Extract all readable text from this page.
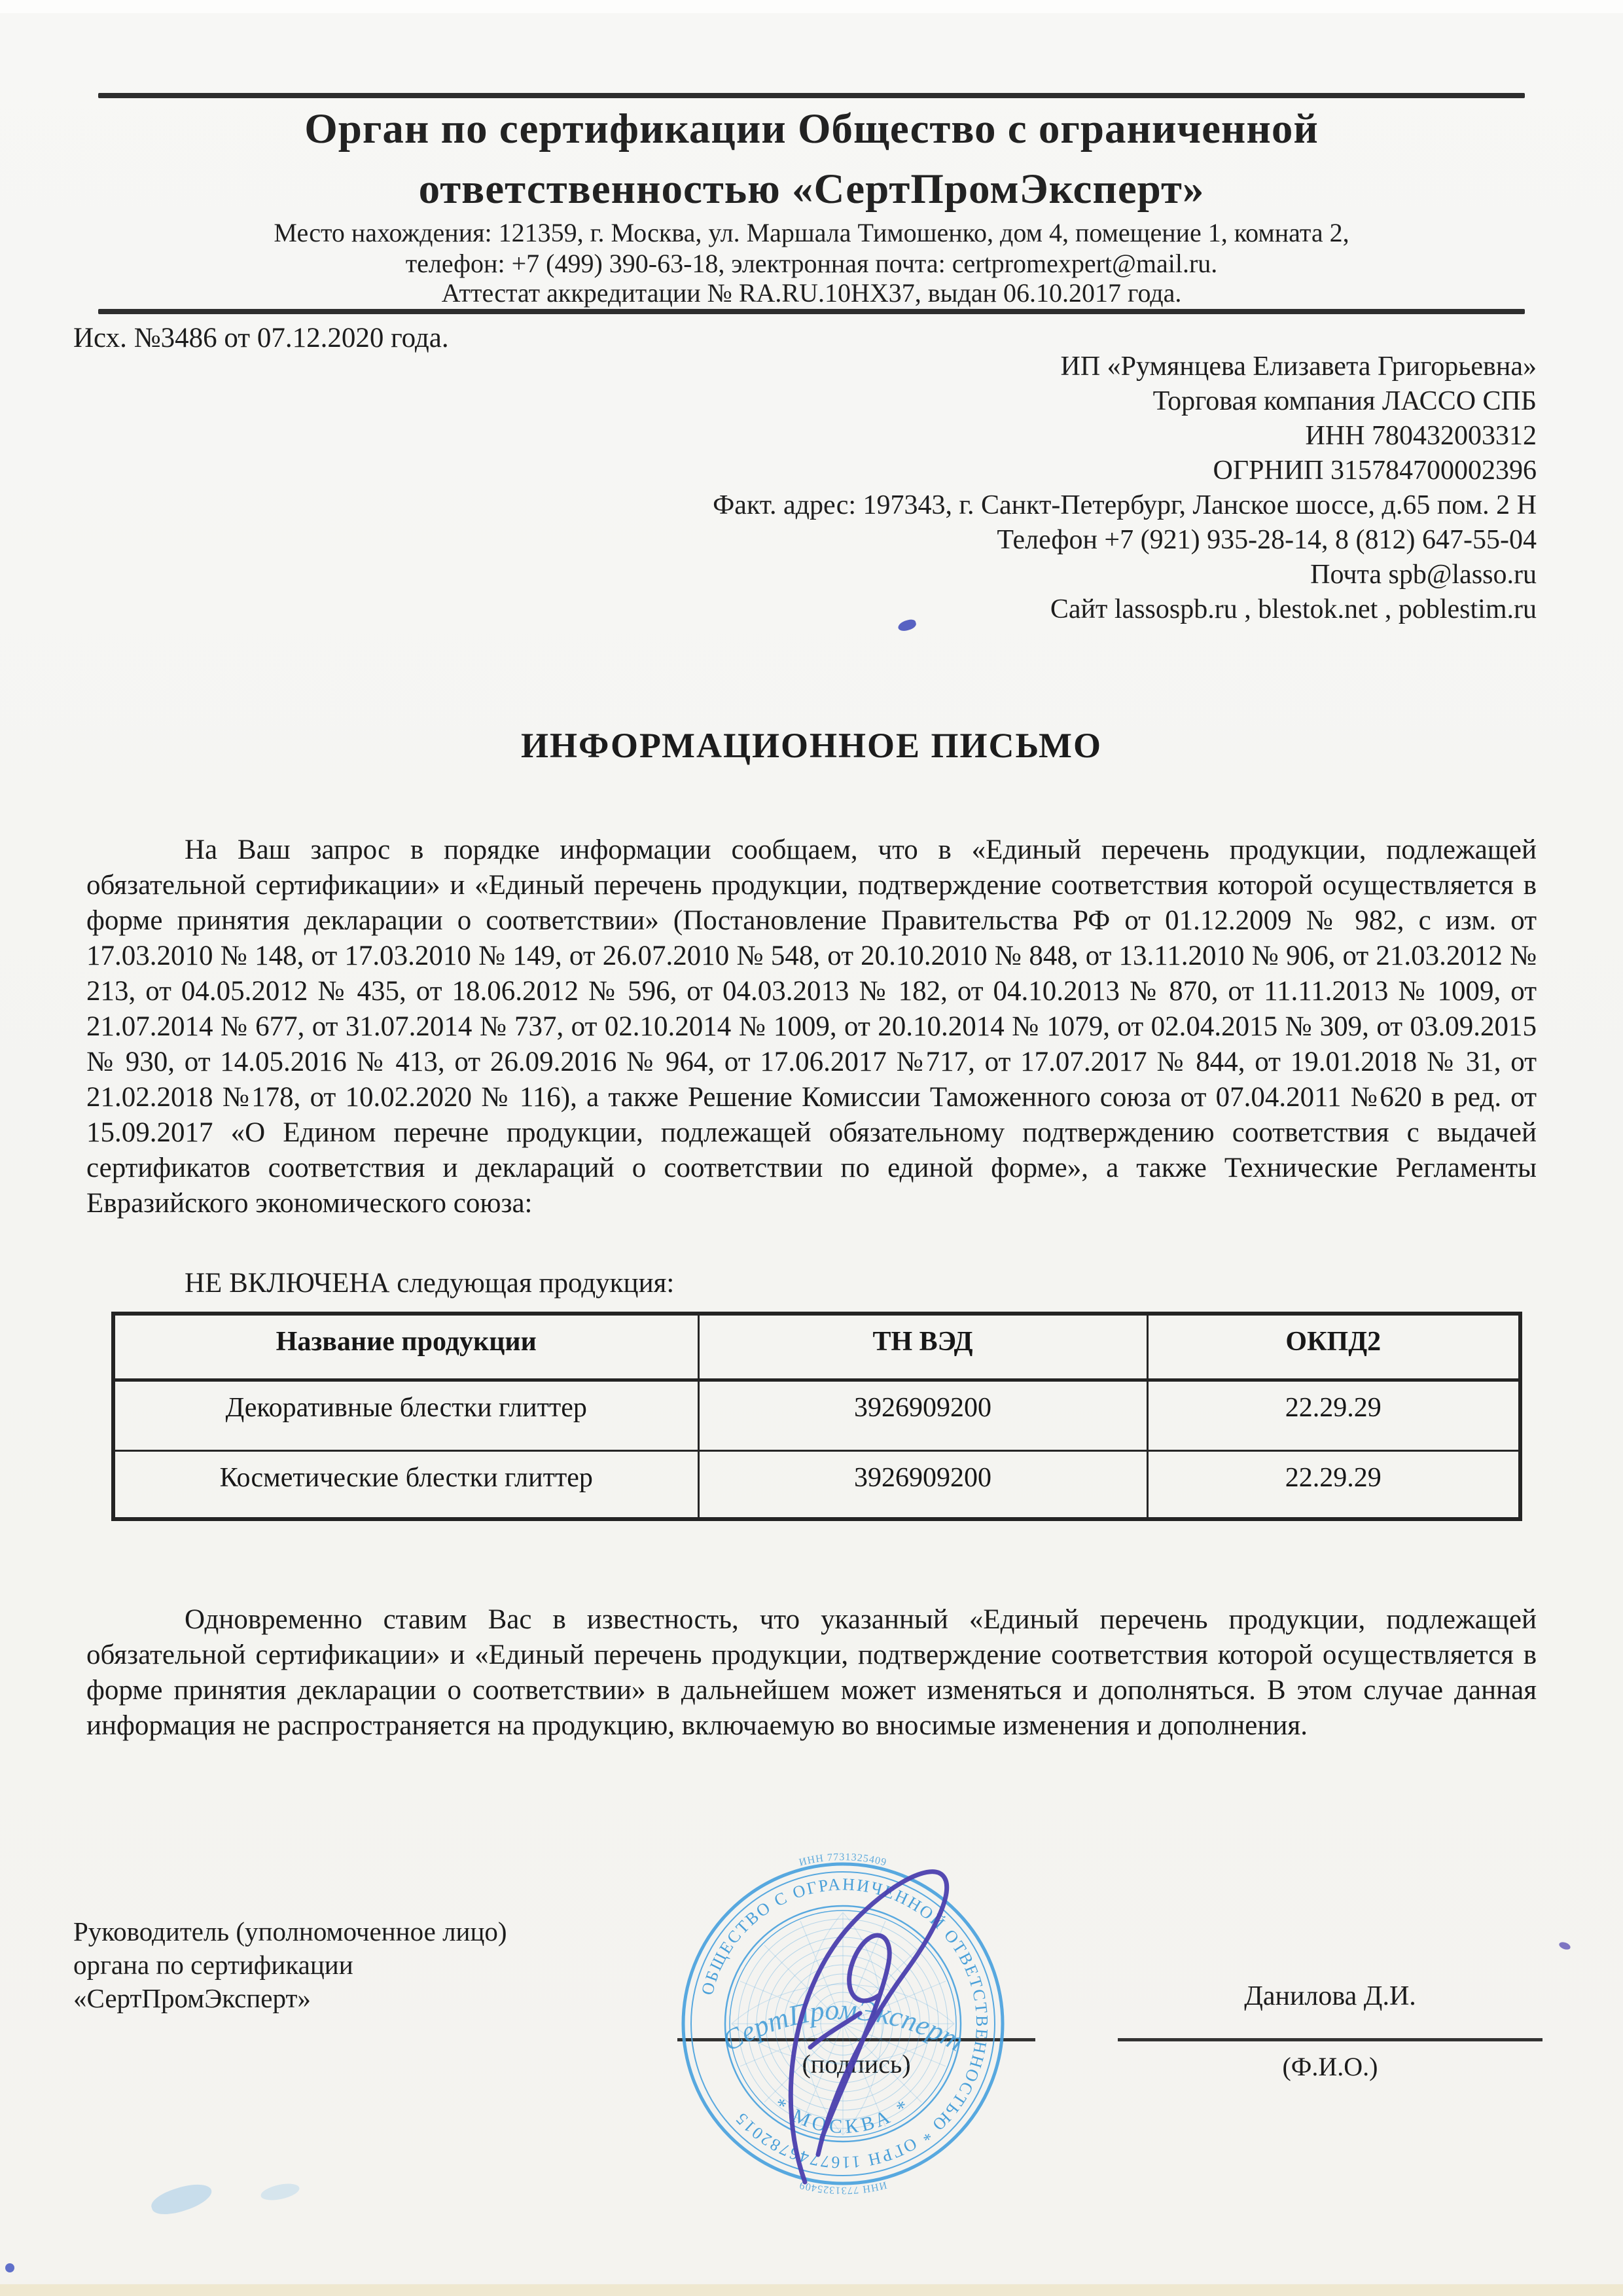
Орган по сертификации Общество с ограниченной
ответственностью «СертПромЭксперт»
Место нахождения: 121359, г. Москва, ул. Маршала Тимошенко, дом 4, помещение 1, комната 2,
телефон: +7 (499) 390-63-18, электронная почта: certpromexpert@mail.ru.
Аттестат аккредитации № RA.RU.10НХ37, выдан 06.10.2017 года.
Исх. №3486 от 07.12.2020 года.
ИП «Румянцева Елизавета Григорьевна»
Торговая компания ЛАССО СПБ
ИНН 780432003312
ОГРНИП 315784700002396
Факт. адрес: 197343, г. Санкт-Петербург, Ланское шоссе, д.65 пом. 2 Н
Телефон +7 (921) 935-28-14, 8 (812) 647-55-04
Почта spb@lasso.ru
Сайт lassospb.ru , blestok.net , poblestim.ru
ИНФОРМАЦИОННОЕ ПИСЬМО
На Ваш запрос в порядке информации сообщаем, что в «Единый перечень продукции, подлежащей обязательной сертификации» и «Единый перечень продукции, подтверждение соответствия которой осуществляется в форме принятия декларации о соответствии» (Постановление Правительства РФ от 01.12.2009 № 982, с изм. от 17.03.2010 № 148, от 17.03.2010 № 149, от 26.07.2010 № 548, от 20.10.2010 № 848, от 13.11.2010 № 906, от 21.03.2012 № 213, от 04.05.2012 № 435, от 18.06.2012 № 596, от 04.03.2013 № 182, от 04.10.2013 № 870, от 11.11.2013 № 1009, от 21.07.2014 № 677, от 31.07.2014 № 737, от 02.10.2014 № 1009, от 20.10.2014 № 1079, от 02.04.2015 № 309, от 03.09.2015 № 930, от 14.05.2016 № 413, от 26.09.2016 № 964, от 17.06.2017 №717, от 17.07.2017 № 844, от 19.01.2018 № 31, от 21.02.2018 №178, от 10.02.2020 № 116), а также Решение Комиссии Таможенного союза от 07.04.2011 №620 в ред. от 15.09.2017 «О Едином перечне продукции, подлежащей обязательному подтверждению соответствия с выдачей сертификатов соответствия и деклараций о соответствии по единой форме», а также Технические Регламенты Евразийского экономического союза:
НЕ ВКЛЮЧЕНА следующая продукция:
Название продукции	ТН ВЭД	ОКПД2
Декоративные блестки глиттер	3926909200	22.29.29
Косметические блестки глиттер	3926909200	22.29.29
Одновременно ставим Вас в известность, что указанный «Единый перечень продукции, подлежащей обязательной сертификации» и «Единый перечень продукции, подтверждение соответствия которой осуществляется в форме принятия декларации о соответствии» в дальнейшем может изменяться и дополняться. В этом случае данная информация не распространяется на продукцию, включаемую во вносимые изменения и дополнения.
Руководитель (уполномоченное лицо)
органа по сертификации
«СертПромЭксперт»
(подпись)
Данилова Д.И.
(Ф.И.О.)
ОБЩЕСТВО С ОГРАНИЧЕННОЙ ОТВЕТСТВЕННОСТЬЮ * ОГРН 1167746782015 * МОСКВА *
«СертПромЭксперт»
ИНН 7731325409
ИНН 7731325409
